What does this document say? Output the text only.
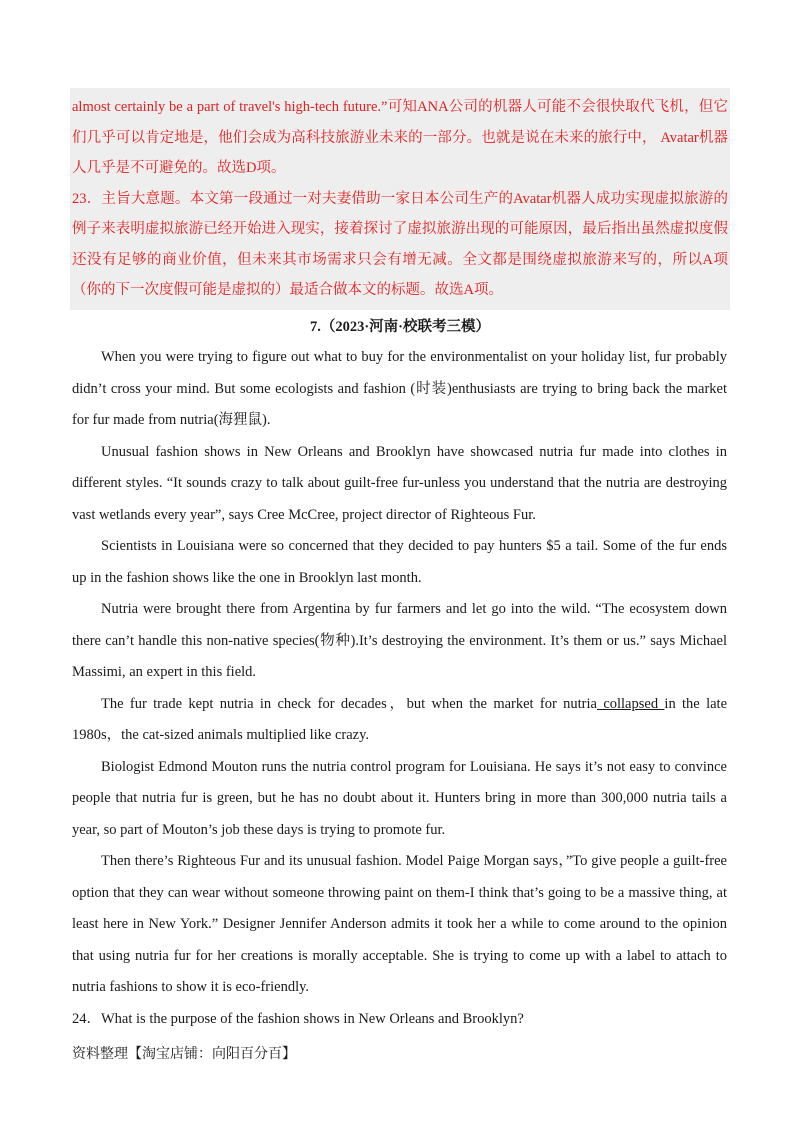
almost certainly be a part of travel's high-tech future.”可知ANA公司的机器人可能不会很快取代飞机，但它们几乎可以肯定地是，他们会成为高科技旅游业未来的一部分。也就是说在未来的旅行中， Avatar机器人几乎是不可避免的。故选D项。

23．主旨大意题。本文第一段通过一对夫妻借助一家日本公司生产的Avatar机器人成功实现虚拟旅游的例子来表明虚拟旅游已经开始进入现实，接着探讨了虚拟旅游出现的可能原因，最后指出虽然虚拟度假还没有足够的商业价值，但未来其市场需求只会有增无减。全文都是围绕虚拟旅游来写的，所以A项（你的下一次度假可能是虚拟的）最适合做本文的标题。故选A项。

7.（2023·河南·校联考三模）

When you were trying to figure out what to buy for the environmentalist on your holiday list, fur probably didn’t cross your mind. But some ecologists and fashion (时装)enthusiasts are trying to bring back the market for fur made from nutria(海狸鼠).

Unusual fashion shows in New Orleans and Brooklyn have showcased nutria fur made into clothes in different styles. “It sounds crazy to talk about guilt-free fur-unless you understand that the nutria are destroying vast wetlands every year”, says Cree McCree, project director of Righteous Fur.

Scientists in Louisiana were so concerned that they decided to pay hunters $5 a tail. Some of the fur ends up in the fashion shows like the one in Brooklyn last month.

Nutria were brought there from Argentina by fur farmers and let go into the wild. “The ecosystem down there can’t handle this non-native species(物种).It’s destroying the environment. It’s them or us.” says Michael Massimi, an expert in this field.

The fur trade kept nutria in check for decades，but when the market for nutria collapsed in the late 1980s，the cat-sized animals multiplied like crazy.

Biologist Edmond Mouton runs the nutria control program for Louisiana. He says it’s not easy to convince people that nutria fur is green, but he has no doubt about it. Hunters bring in more than 300,000 nutria tails a year, so part of Mouton’s job these days is trying to promote fur.

Then there’s Righteous Fur and its unusual fashion. Model Paige Morgan says，”To give people a guilt-free option that they can wear without someone throwing paint on them-I think that’s going to be a massive thing, at least here in New York.” Designer Jennifer Anderson admits it took her a while to come around to the opinion that using nutria fur for her creations is morally acceptable. She is trying to come up with a label to attach to nutria fashions to show it is eco-friendly.

24．What is the purpose of the fashion shows in New Orleans and Brooklyn?

资料整理【淘宝店铺：向阳百分百】
